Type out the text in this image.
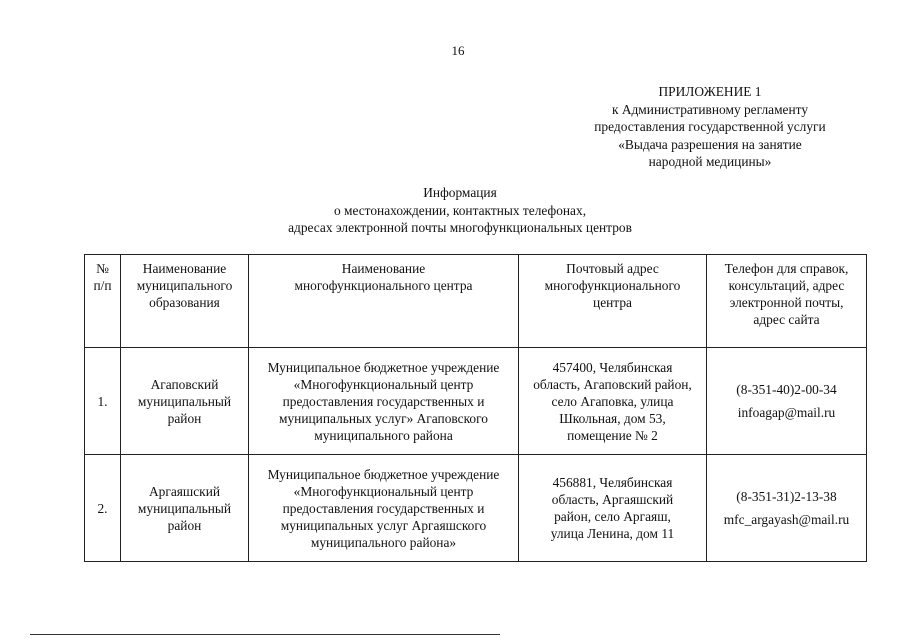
16
ПРИЛОЖЕНИЕ 1
к Административному регламенту
предоставления государственной услуги
«Выдача разрешения на занятие
народной медицины»
Информация
о местонахождении, контактных телефонах,
адресах электронной почты многофункциональных центров
№
п/п	Наименование
муниципального
образования	Наименование
многофункционального центра	Почтовый адрес
многофункционального
центра	Телефон для справок,
консультаций, адрес
электронной почты,
адрес сайта

1.	Агаповский
муниципальный
район	Муниципальное бюджетное учреждение
«Многофункциональный центр
предоставления государственных и
муниципальных услуг» Агаповского
муниципального района	457400, Челябинская
область, Агаповский район,
село Агаповка, улица
Школьная, дом 53,
помещение № 2	(8-351-40)2-00-34
infoagap@mail.ru

2.	Аргаяшский
муниципальный
район	Муниципальное бюджетное учреждение
«Многофункциональный центр
предоставления государственных и
муниципальных услуг Аргаяшского
муниципального района»	456881, Челябинская
область, Аргаяшский
район, село Аргаяш,
улица Ленина, дом 11	(8-351-31)2-13-38
mfc_argayash@mail.ru
